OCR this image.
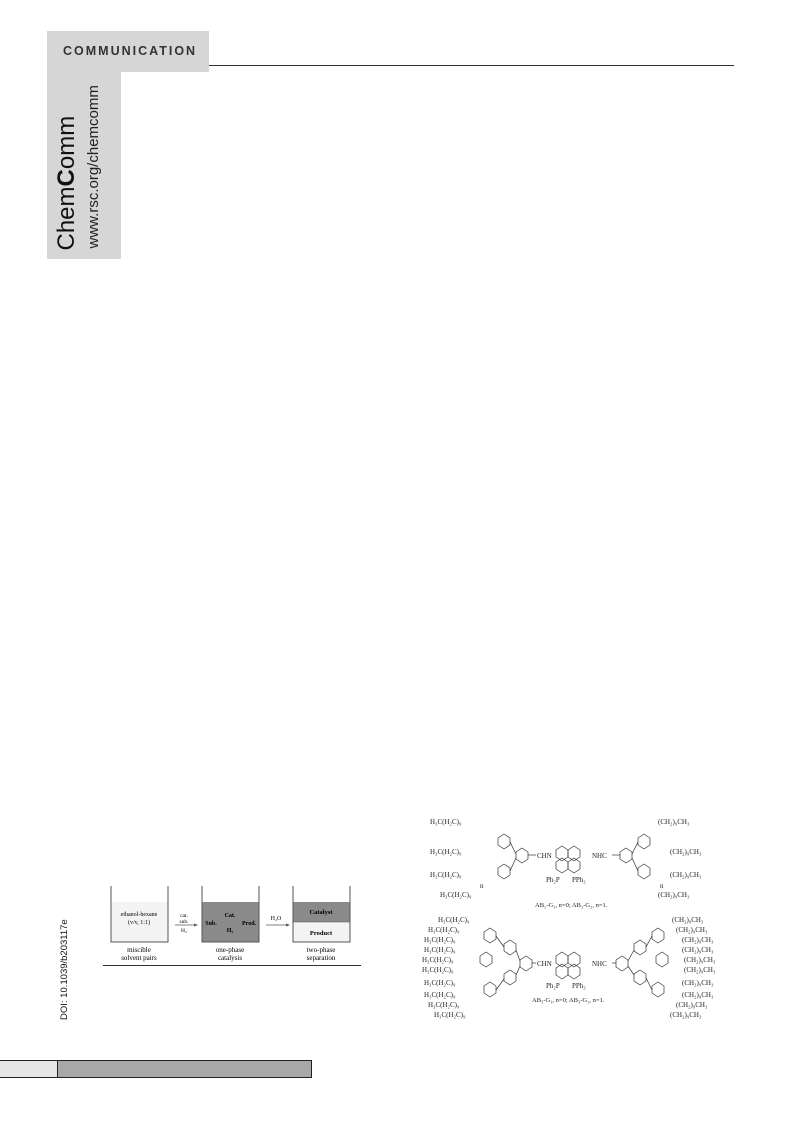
COMMUNICATION
ChemComm www.rsc.org/chemcomm
DOI: 10.1039/b203117e
ethanol-hexane
(v/v, 1:1)
cat.
sub.
H₂
Sub.
Cat.
H₂
Prod.
H₂O
Catalyst
Product
miscible
solvent pairs
one-phase
catalysis
two-phase
separation
H₃C(H₂C)₉
H₃C(H₂C)₉
H₃C(H₂C)₉
H₃C(H₂C)₉
n
CHN
Ph₂P PPh₂
NHC
(CH₂)₉CH₃
(CH₂)₉CH₃
(CH₂)₉CH₃
(CH₂)₉CH₃
n
AB₂-G₁, n=0; AB₂-G₂, n=1.
H₃C(H₂C)₉
H₃C(H₂C)₉
H₃C(H₂C)₉
H₃C(H₂C)₉
H₃C(H₂C)₉
H₃C(H₂C)₉
H₃C(H₂C)₉
H₃C(H₂C)₉
H₃C(H₂C)₉
H₃C(H₂C)₉
CHN
Ph₂P PPh₂
NHC
(CH₂)₉CH₃
(CH₂)₉CH₃
(CH₂)₉CH₃
(CH₂)₉CH₃
(CH₂)₉CH₃
(CH₂)₉CH₃
(CH₂)₉CH₃
(CH₂)₉CH₃
(CH₂)₉CH₃
(CH₂)₉CH₃
AB₃-G₁, n=0; AB₃-G₂, n=1.
